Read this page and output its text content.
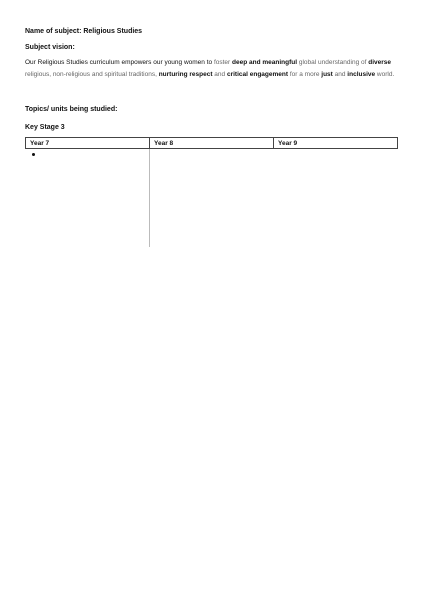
Name of subject: Religious Studies
Subject vision:
Our Religious Studies curriculum empowers our young women to foster deep and meaningful global understanding of diverse religious, non-religious and spiritual traditions, nurturing respect and critical engagement for a more just and inclusive world.
Topics/ units being studied:
Key Stage 3
Year 7	Year 8	Year 9
